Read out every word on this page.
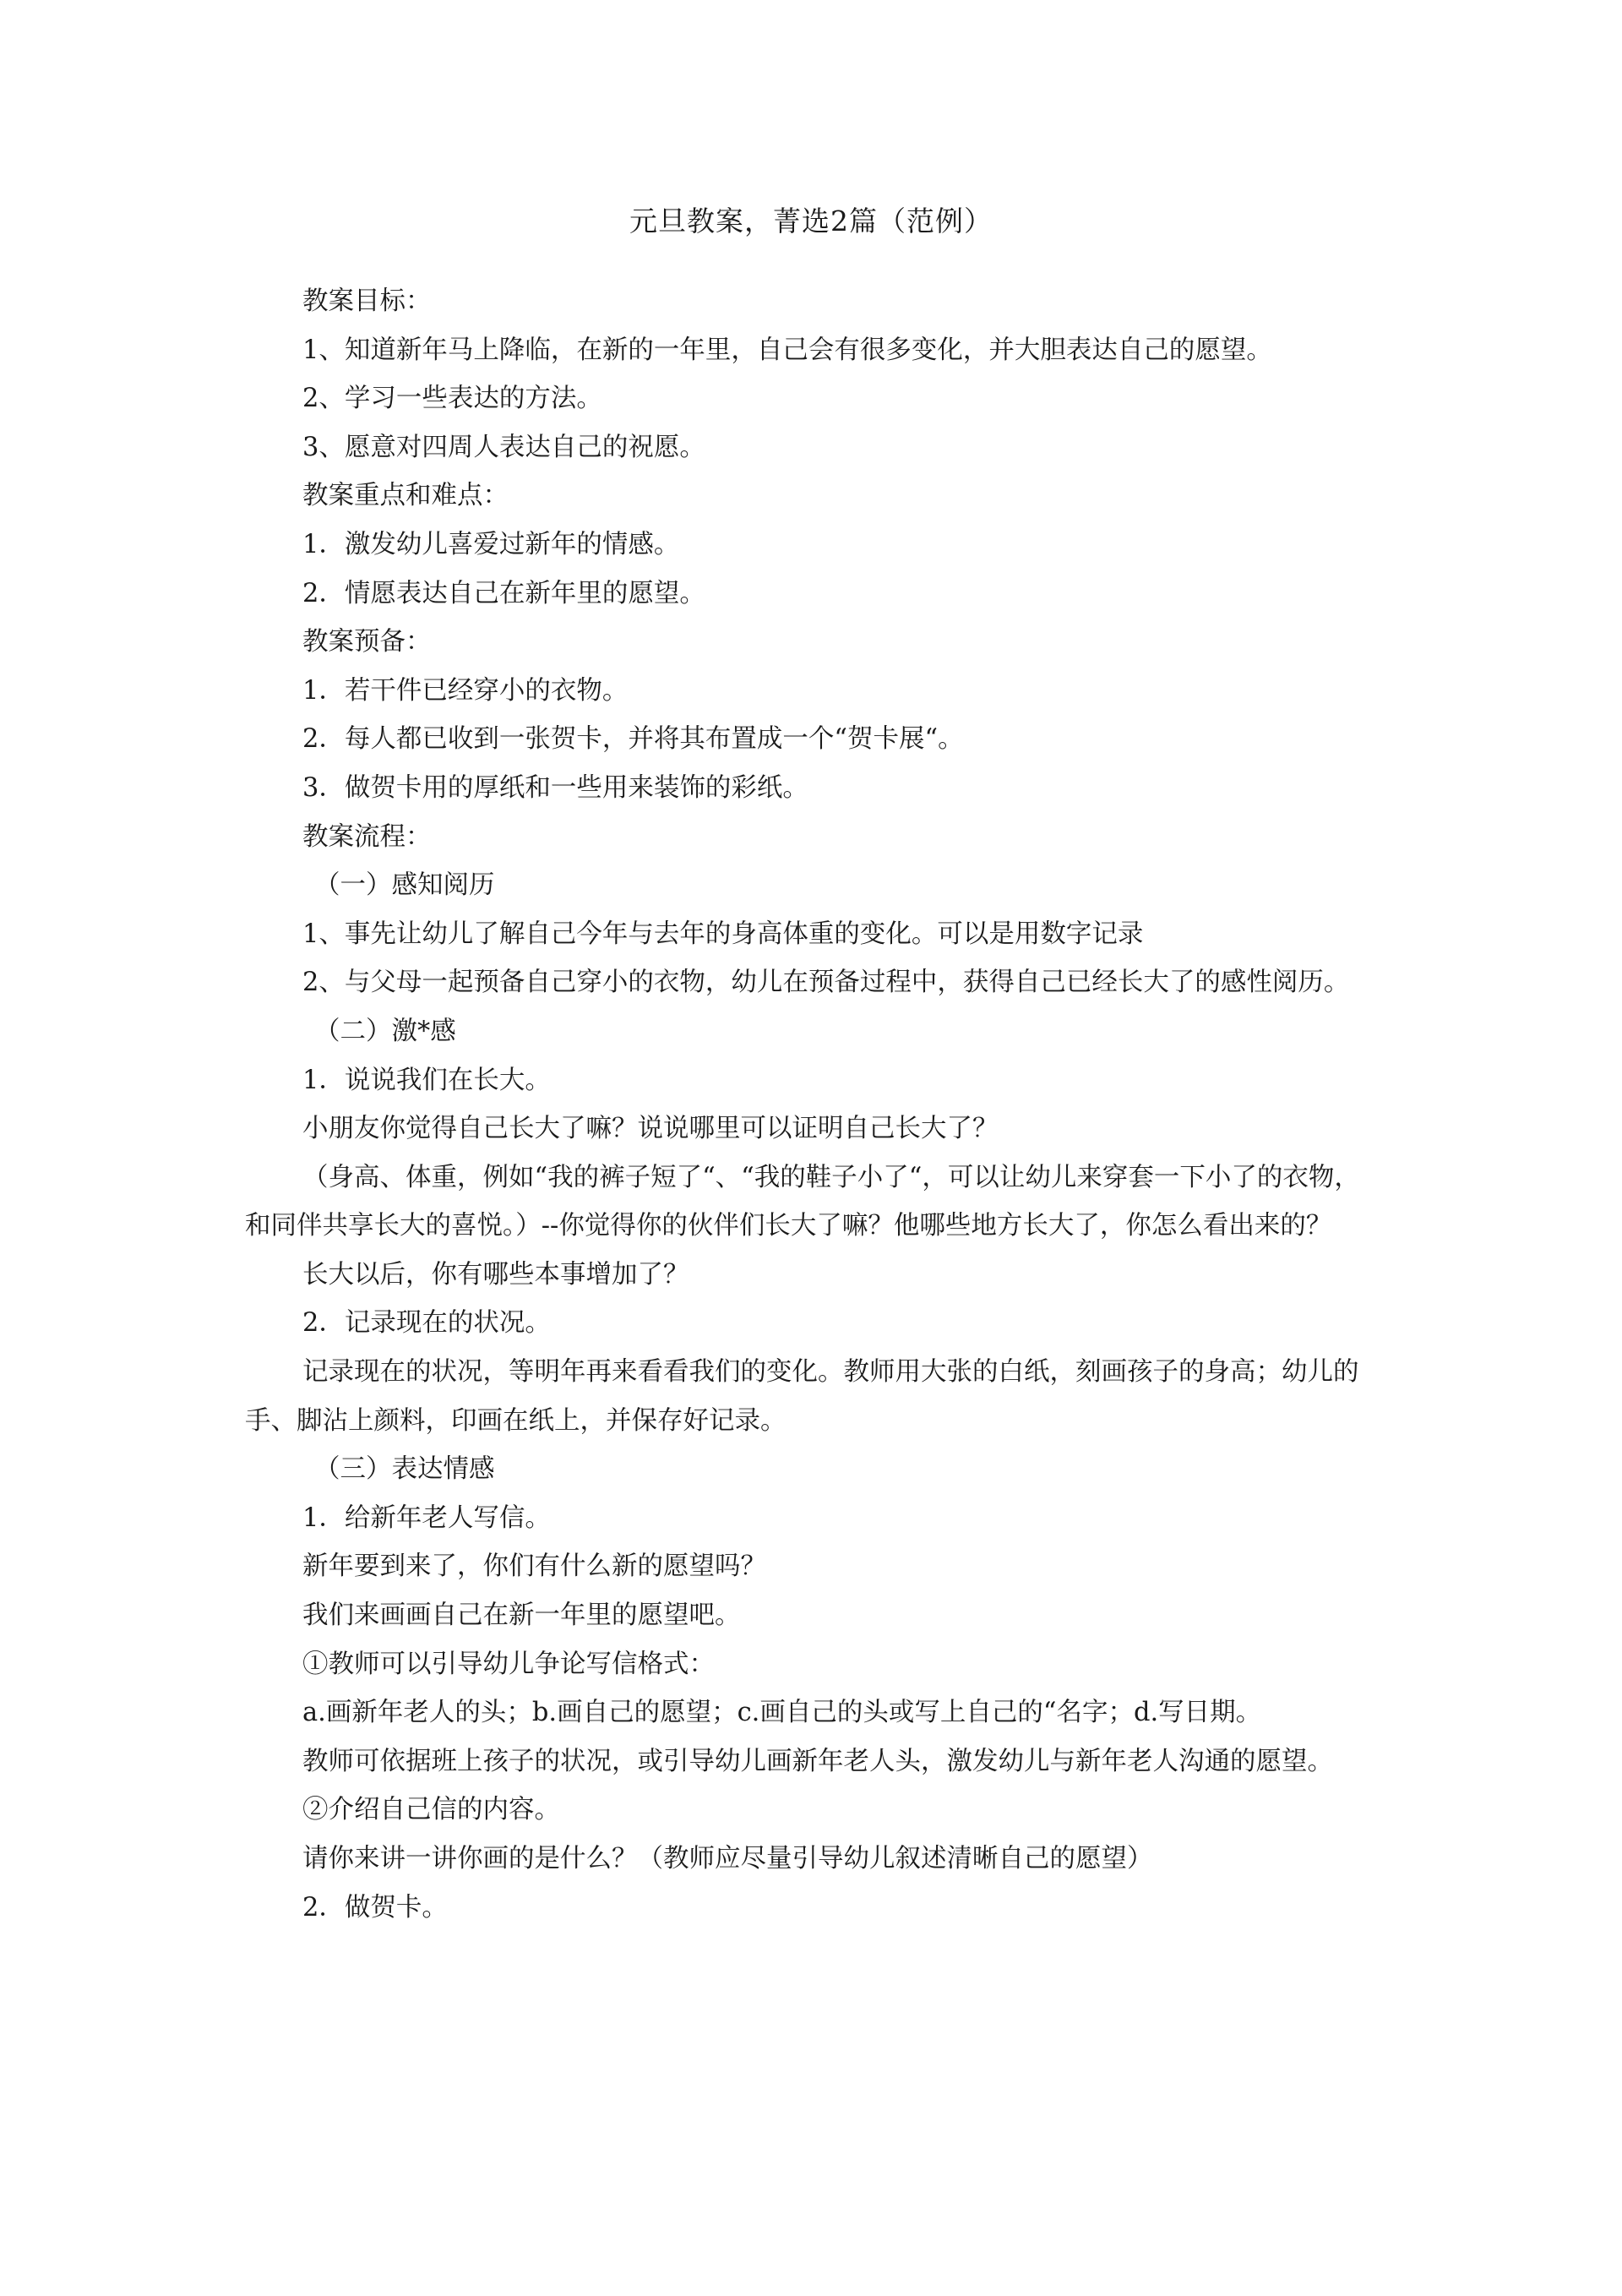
元旦教案，菁选2篇（范例）

教案目标：

1、知道新年马上降临，在新的一年里，自己会有很多变化，并大胆表达自己的愿望。

2、学习一些表达的方法。

3、愿意对四周人表达自己的祝愿。

教案重点和难点：

1．激发幼儿喜爱过新年的情感。

2．情愿表达自己在新年里的愿望。

教案预备：

1．若干件已经穿小的衣物。

2．每人都已收到一张贺卡，并将其布置成一个“贺卡展“。

3．做贺卡用的厚纸和一些用来装饰的彩纸。

教案流程：

（一）感知阅历

1、事先让幼儿了解自己今年与去年的身高体重的变化。可以是用数字记录

2、与父母一起预备自己穿小的衣物，幼儿在预备过程中，获得自己已经长大了的感性阅历。

（二）激*感

1．说说我们在长大。

小朋友你觉得自己长大了嘛？说说哪里可以证明自己长大了？

（身高、体重，例如“我的裤子短了“、“我的鞋子小了“，可以让幼儿来穿套一下小了的衣物，和同伴共享长大的喜悦。）--你觉得你的伙伴们长大了嘛？他哪些地方长大了，你怎么看出来的？

长大以后，你有哪些本事增加了？

2．记录现在的状况。

记录现在的状况，等明年再来看看我们的变化。教师用大张的白纸，刻画孩子的身高；幼儿的手、脚沾上颜料，印画在纸上，并保存好记录。

（三）表达情感

1．给新年老人写信。

新年要到来了，你们有什么新的愿望吗？

我们来画画自己在新一年里的愿望吧。

①教师可以引导幼儿争论写信格式：

a.画新年老人的头；b.画自己的愿望；c.画自己的头或写上自己的“名字；d.写日期。

教师可依据班上孩子的状况，或引导幼儿画新年老人头，激发幼儿与新年老人沟通的愿望。

②介绍自己信的内容。

请你来讲一讲你画的是什么？（教师应尽量引导幼儿叙述清晰自己的愿望）

2．做贺卡。
